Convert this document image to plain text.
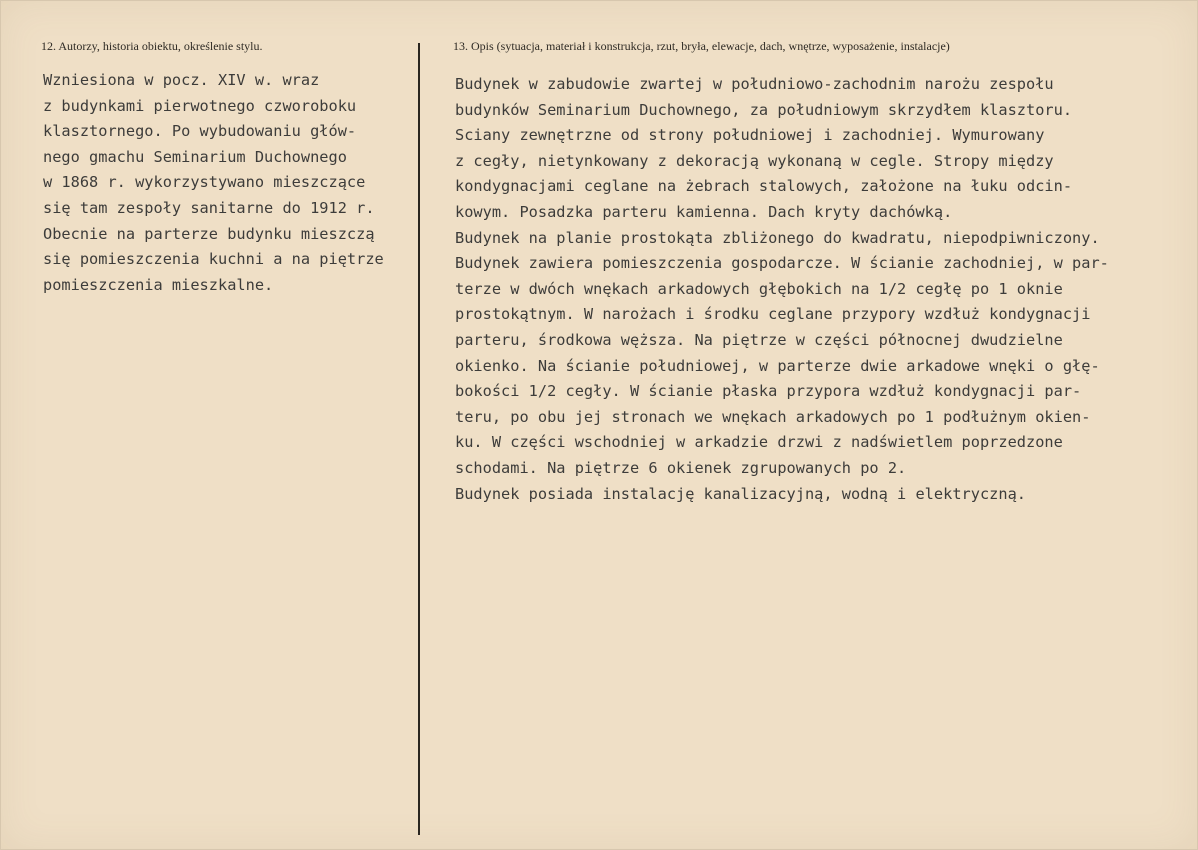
12. Autorzy, historia obiektu, określenie stylu.	13. Opis (sytuacja, materiał i konstrukcja, rzut, bryła, elewacje, dach, wnętrze, wyposażenie, instalacje)
Wzniesiona w pocz. XIV w. wraz
z budynkami pierwotnego czworoboku
klasztornego. Po wybudowaniu głów-
nego gmachu Seminarium Duchownego
w 1868 r. wykorzystywano mieszczące
się tam zespoły sanitarne do 1912 r.
Obecnie na parterze budynku mieszczą
się pomieszczenia kuchni a na piętrze
pomieszczenia mieszkalne.
Budynek w zabudowie zwartej w południowo-zachodnim narożu zespołu
budynków Seminarium Duchownego, za południowym skrzydłem klasztoru.
Sciany zewnętrzne od strony południowej i zachodniej. Wymurowany
z cegły, nietynkowany z dekoracją wykonaną w cegle. Stropy między
kondygnacjami ceglane na żebrach stalowych, założone na łuku odcin-
kowym. Posadzka parteru kamienna. Dach kryty dachówką.
Budynek na planie prostokąta zbliżonego do kwadratu, niepodpiwniczony.
Budynek zawiera pomieszczenia gospodarcze. W ścianie zachodniej, w par-
terze w dwóch wnękach arkadowych głębokich na 1/2 cegłę po 1 oknie
prostokątnym. W narożach i środku ceglane przypory wzdłuż kondygnacji
parteru, środkowa węższa. Na piętrze w części północnej dwudzielne
okienko. Na ścianie południowej, w parterze dwie arkadowe wnęki o głę-
bokości 1/2 cegły. W ścianie płaska przypora wzdłuż kondygnacji par-
teru, po obu jej stronach we wnękach arkadowych po 1 podłużnym okien-
ku. W części wschodniej w arkadzie drzwi z nadświetlem poprzedzone
schodami. Na piętrze 6 okienek zgrupowanych po 2.
Budynek posiada instalację kanalizacyjną, wodną i elektryczną.
